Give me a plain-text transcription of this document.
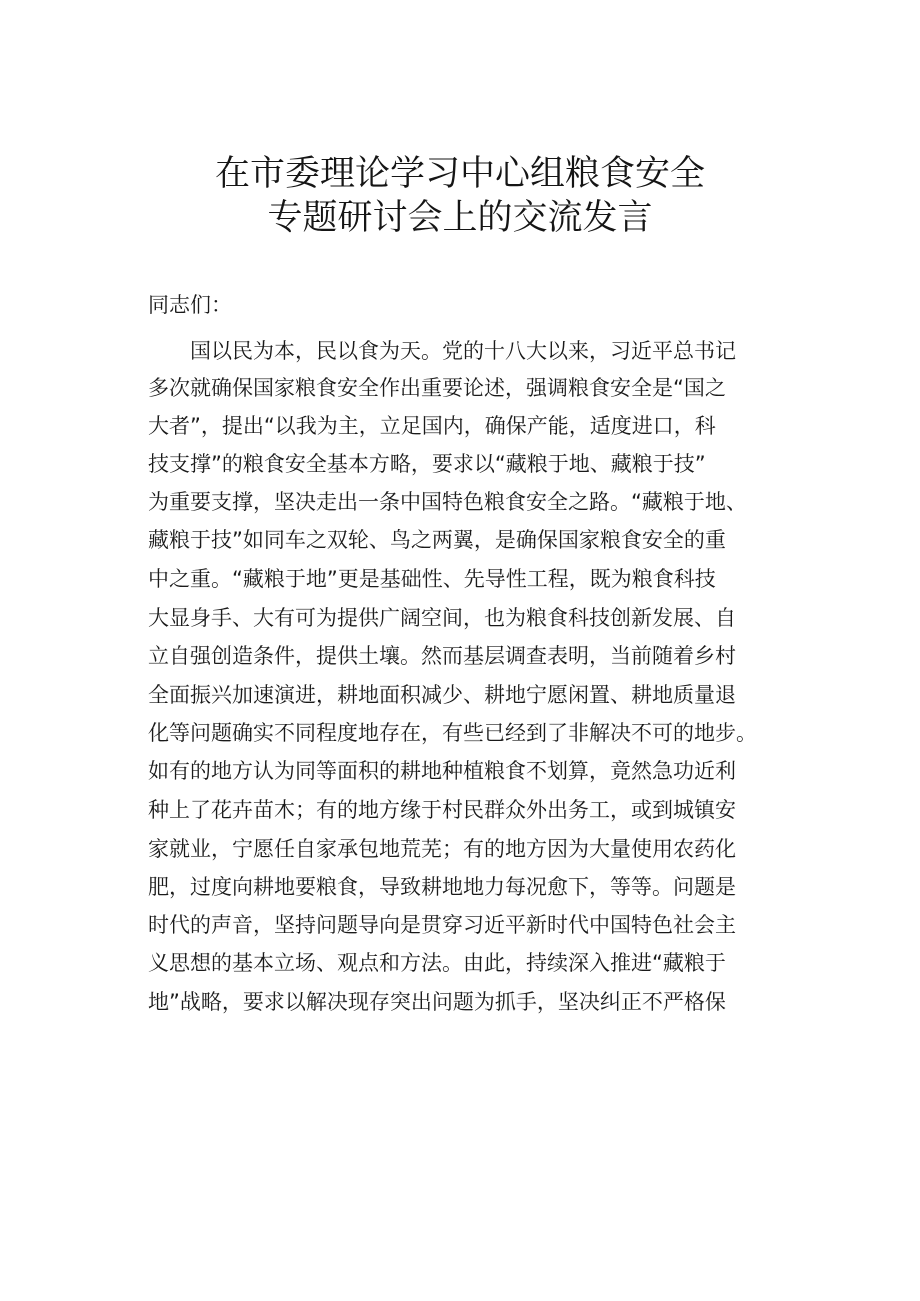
在市委理论学习中心组粮食安全
专题研讨会上的交流发言
同志们：
　　国以民为本，民以食为天。党的十八大以来，习近平总书记
多次就确保国家粮食安全作出重要论述，强调粮食安全是“国之
大者”，提出“以我为主，立足国内，确保产能，适度进口，科
技支撑”的粮食安全基本方略，要求以“藏粮于地、藏粮于技”
为重要支撑，坚决走出一条中国特色粮食安全之路。“藏粮于地、
藏粮于技”如同车之双轮、鸟之两翼，是确保国家粮食安全的重
中之重。“藏粮于地”更是基础性、先导性工程，既为粮食科技
大显身手、大有可为提供广阔空间，也为粮食科技创新发展、自
立自强创造条件，提供土壤。然而基层调查表明，当前随着乡村
全面振兴加速演进，耕地面积减少、耕地宁愿闲置、耕地质量退
化等问题确实不同程度地存在，有些已经到了非解决不可的地步。
如有的地方认为同等面积的耕地种植粮食不划算，竟然急功近利
种上了花卉苗木；有的地方缘于村民群众外出务工，或到城镇安
家就业，宁愿任自家承包地荒芜；有的地方因为大量使用农药化
肥，过度向耕地要粮食，导致耕地地力每况愈下，等等。问题是
时代的声音，坚持问题导向是贯穿习近平新时代中国特色社会主
义思想的基本立场、观点和方法。由此，持续深入推进“藏粮于
地”战略，要求以解决现存突出问题为抓手，坚决纠正不严格保
